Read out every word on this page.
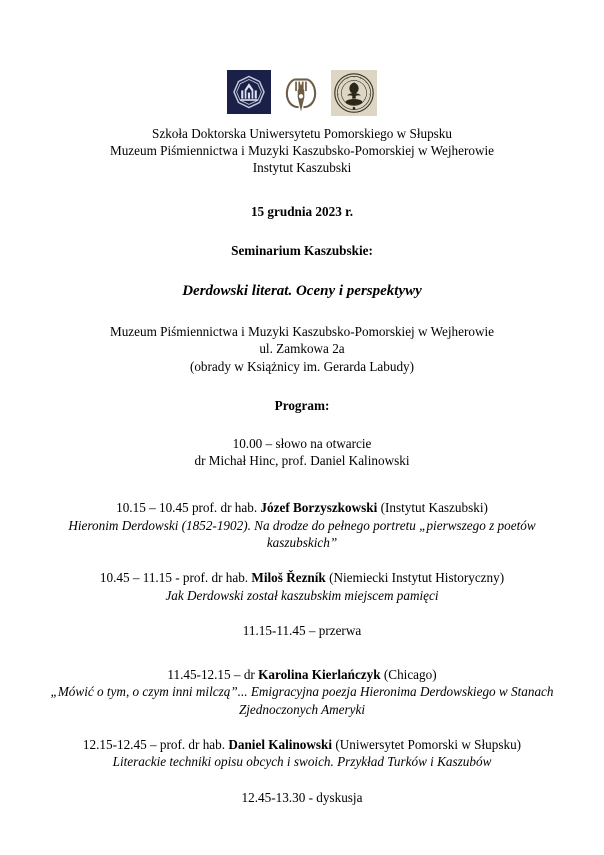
Szkoła Doktorska Uniwersytetu Pomorskiego w Słupsku
Muzeum Piśmiennictwa i Muzyki Kaszubsko-Pomorskiej w Wejherowie
Instytut Kaszubski
15 grudnia 2023 r.
Seminarium Kaszubskie:
Derdowski literat. Oceny i perspektywy
Muzeum Piśmiennictwa i Muzyki Kaszubsko-Pomorskiej w Wejherowie
ul. Zamkowa 2a
(obrady w Książnicy im. Gerarda Labudy)
Program:
10.00 – słowo na otwarcie
dr Michał Hinc, prof. Daniel Kalinowski
10.15 – 10.45 prof. dr hab. Józef Borzyszkowski (Instytut Kaszubski)
Hieronim Derdowski (1852-1902). Na drodze do pełnego portretu „pierwszego z poetów kaszubskich”
10.45 – 11.15 - prof. dr hab. Miloš Řezník (Niemiecki Instytut Historyczny)
Jak Derdowski został kaszubskim miejscem pamięci
11.15-11.45 – przerwa
11.45-12.15 – dr Karolina Kierlańczyk (Chicago)
„Mówić o tym, o czym inni milczą”... Emigracyjna poezja Hieronima Derdowskiego w Stanach Zjednoczonych Ameryki
12.15-12.45 – prof. dr hab. Daniel Kalinowski (Uniwersytet Pomorski w Słupsku)
Literackie techniki opisu obcych i swoich. Przykład Turków i Kaszubów
12.45-13.30 - dyskusja
